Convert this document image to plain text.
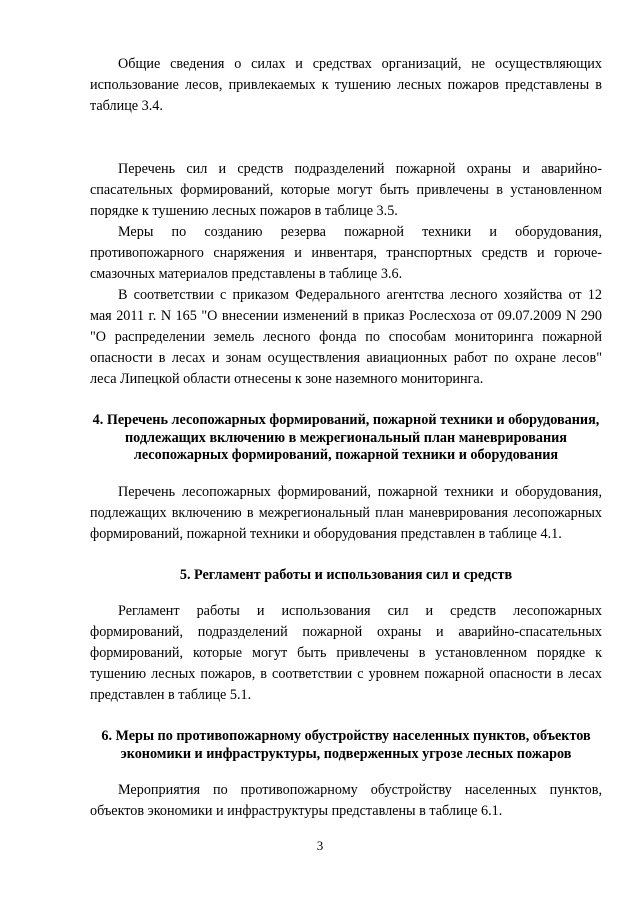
Общие сведения о силах и средствах организаций, не осуществляющих использование лесов, привлекаемых к тушению лесных пожаров представлены в таблице 3.4.

Перечень сил и средств подразделений пожарной охраны и аварийно-спасательных формирований, которые могут быть привлечены в установленном порядке к тушению лесных пожаров в таблице 3.5.

Меры по созданию резерва пожарной техники и оборудования, противопожарного снаряжения и инвентаря, транспортных средств и горюче-смазочных материалов представлены в таблице 3.6.

В соответствии с приказом Федерального агентства лесного хозяйства от 12 мая 2011 г. N 165 "О внесении изменений в приказ Рослесхоза от 09.07.2009 N 290 "О распределении земель лесного фонда по способам мониторинга пожарной опасности в лесах и зонам осуществления авиационных работ по охране лесов" леса Липецкой области отнесены к зоне наземного мониторинга.

4. Перечень лесопожарных формирований, пожарной техники и оборудования, подлежащих включению в межрегиональный план маневрирования лесопожарных формирований, пожарной техники и оборудования

Перечень лесопожарных формирований, пожарной техники и оборудования, подлежащих включению в межрегиональный план маневрирования лесопожарных формирований, пожарной техники и оборудования представлен в таблице 4.1.

5. Регламент работы и использования сил и средств

Регламент работы и использования сил и средств лесопожарных формирований, подразделений пожарной охраны и аварийно-спасательных формирований, которые могут быть привлечены в установленном порядке к тушению лесных пожаров, в соответствии с уровнем пожарной опасности в лесах представлен в таблице 5.1.

6. Меры по противопожарному обустройству населенных пунктов, объектов экономики и инфраструктуры, подверженных угрозе лесных пожаров

Мероприятия по противопожарному обустройству населенных пунктов, объектов экономики и инфраструктуры представлены в таблице 6.1.

3
